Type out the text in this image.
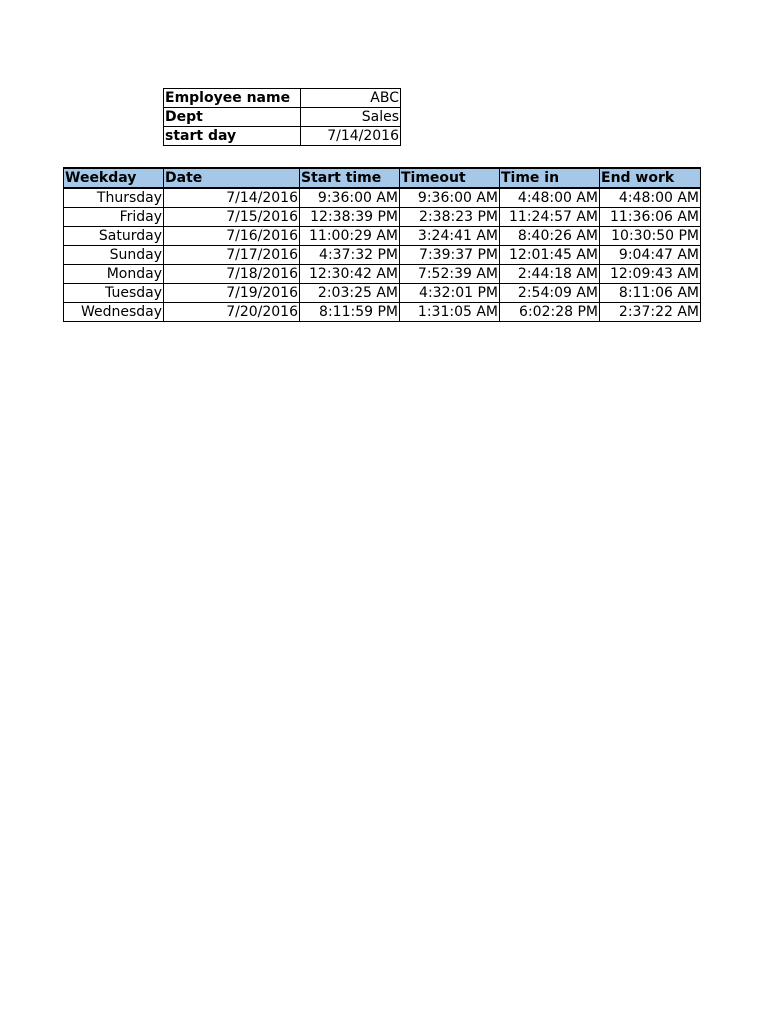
Employee name	ABC
Dept	Sales
start day	7/14/2016
Weekday	Date	Start time	Timeout	Time in	End work
Thursday	7/14/2016	9:36:00 AM	9:36:00 AM	4:48:00 AM	4:48:00 AM
Friday	7/15/2016	12:38:39 PM	2:38:23 PM	11:24:57 AM	11:36:06 AM
Saturday	7/16/2016	11:00:29 AM	3:24:41 AM	8:40:26 AM	10:30:50 PM
Sunday	7/17/2016	4:37:32 PM	7:39:37 PM	12:01:45 AM	9:04:47 AM
Monday	7/18/2016	12:30:42 AM	7:52:39 AM	2:44:18 AM	12:09:43 AM
Tuesday	7/19/2016	2:03:25 AM	4:32:01 PM	2:54:09 AM	8:11:06 AM
Wednesday	7/20/2016	8:11:59 PM	1:31:05 AM	6:02:28 PM	2:37:22 AM
